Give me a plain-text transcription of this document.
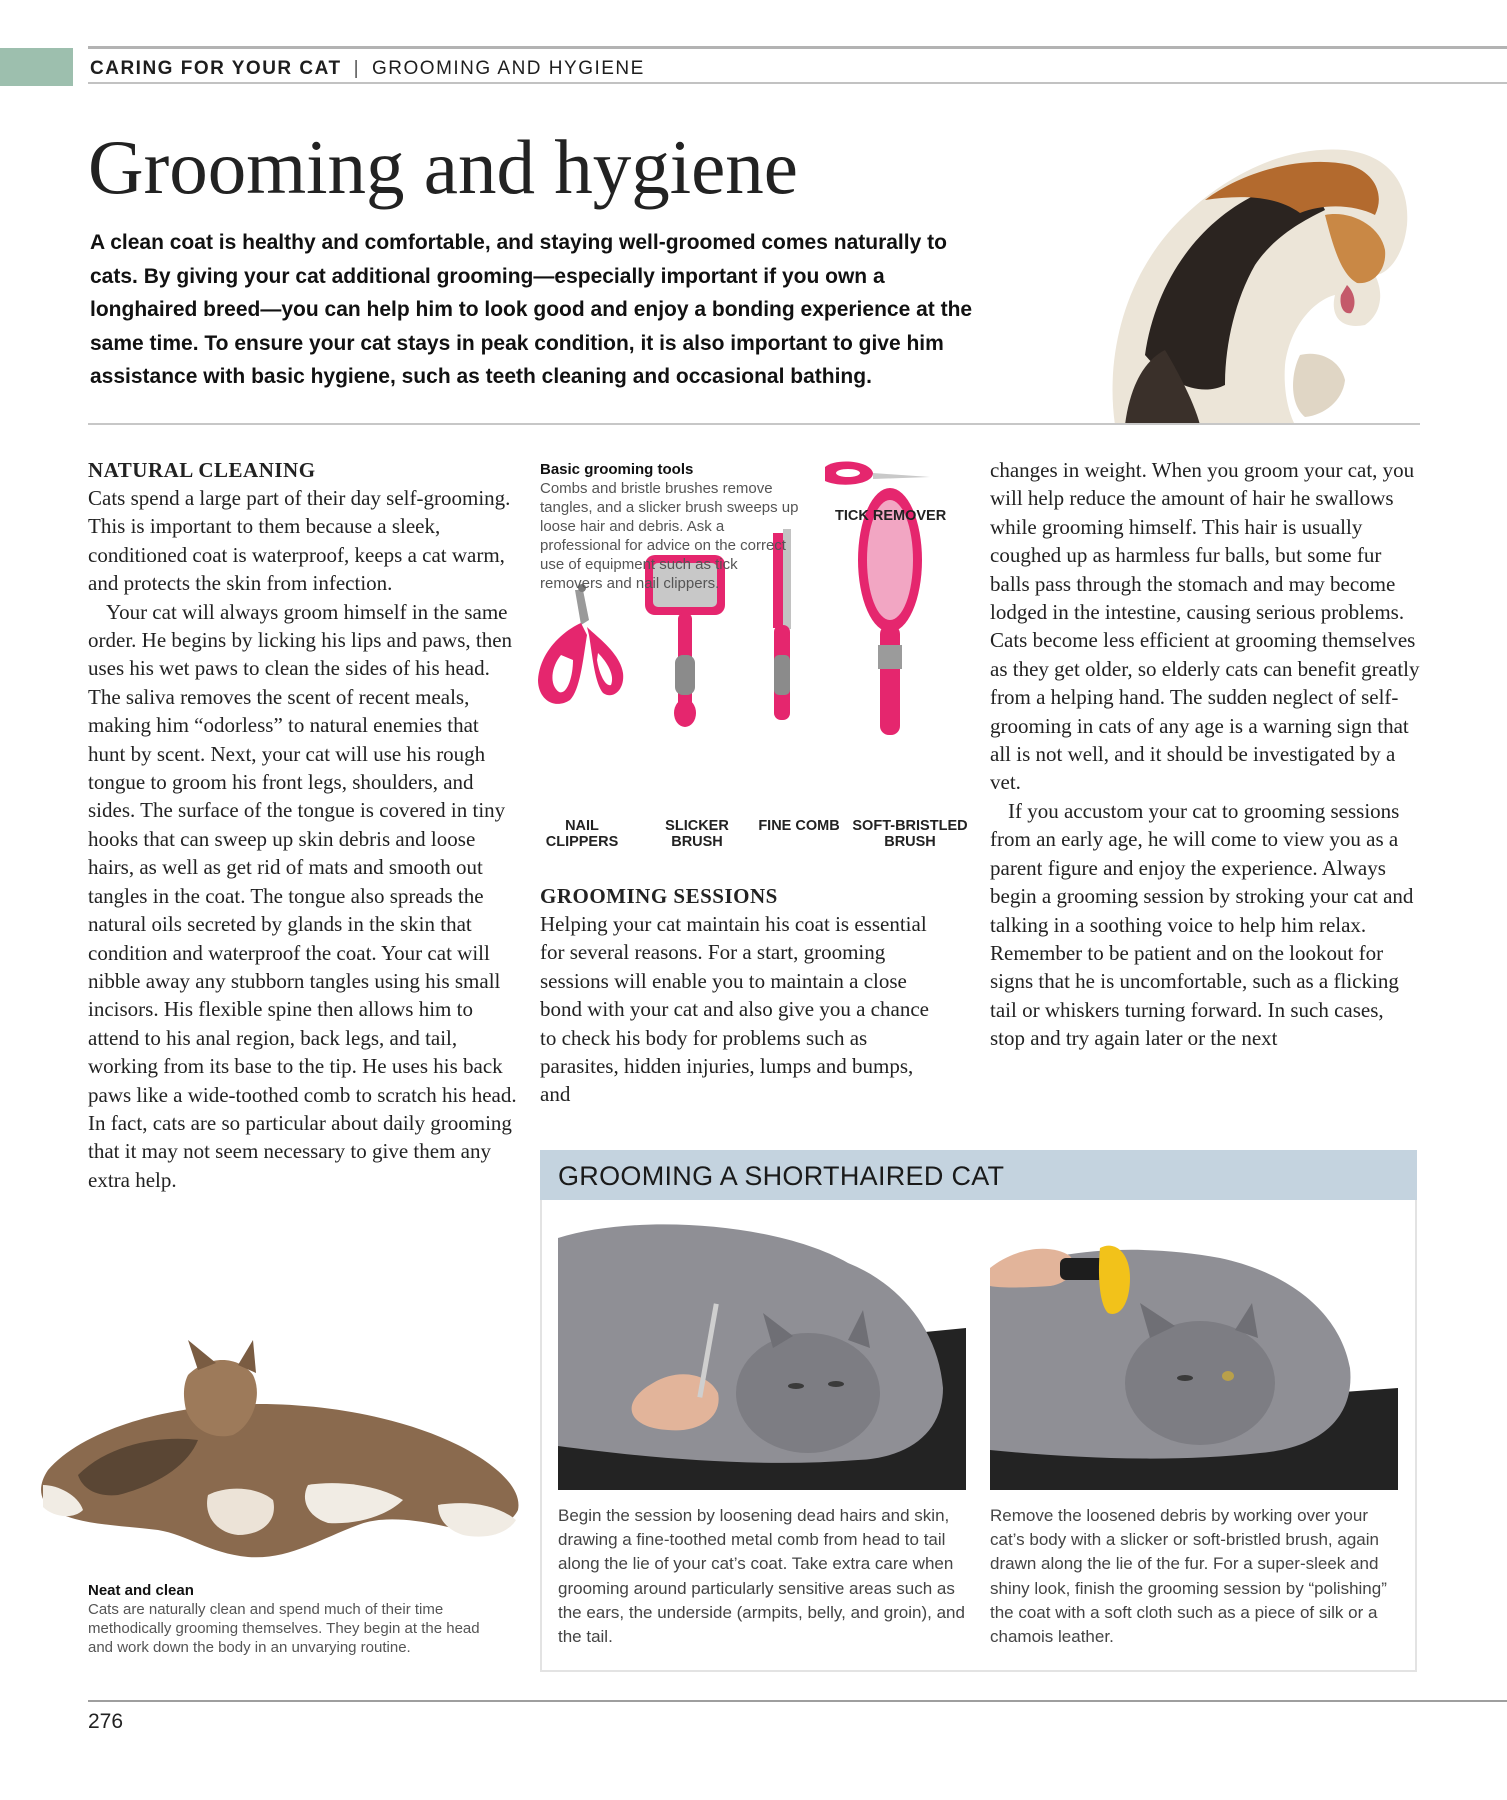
CARING FOR YOUR CAT | GROOMING AND HYGIENE
Grooming and hygiene
A clean coat is healthy and comfortable, and staying well-groomed comes naturally to cats. By giving your cat additional grooming—especially important if you own a longhaired breed—you can help him to look good and enjoy a bonding experience at the same time. To ensure your cat stays in peak condition, it is also important to give him assistance with basic hygiene, such as teeth cleaning and occasional bathing.

NATURAL CLEANING

Cats spend a large part of their day self-grooming. This is important to them because a sleek, conditioned coat is waterproof, keeps a cat warm, and protects the skin from infection.

Your cat will always groom himself in the same order. He begins by licking his lips and paws, then uses his wet paws to clean the sides of his head. The saliva removes the scent of recent meals, making him “odorless” to natural enemies that hunt by scent. Next, your cat will use his rough tongue to groom his front legs, shoulders, and sides. The surface of the tongue is covered in tiny hooks that can sweep up skin debris and loose hairs, as well as get rid of mats and smooth out tangles in the coat. The tongue also spreads the natural oils secreted by glands in the skin that condition and waterproof the coat. Your cat will nibble away any stubborn tangles using his small incisors. His flexible spine then allows him to attend to his anal region, back legs, and tail, working from its base to the tip. He uses his back paws like a wide-toothed comb to scratch his head. In fact, cats are so particular about daily grooming that it may not seem necessary to give them any extra help.

Basic grooming tools
Combs and bristle brushes remove tangles, and a slicker brush sweeps up loose hair and debris. Ask a professional for advice on the correct use of equipment such as tick removers and nail clippers.
TICK REMOVER
NAIL CLIPPERS
SLICKER BRUSH
FINE COMB SOFT-BRISTLED BRUSH

GROOMING SESSIONS

Helping your cat maintain his coat is essential for several reasons. For a start, grooming sessions will enable you to maintain a close bond with your cat and also give you a chance to check his body for problems such as parasites, hidden injuries, lumps and bumps, and

changes in weight. When you groom your cat, you will help reduce the amount of hair he swallows while grooming himself. This hair is usually coughed up as harmless fur balls, but some fur balls pass through the stomach and may become lodged in the intestine, causing serious problems. Cats become less efficient at grooming themselves as they get older, so elderly cats can benefit greatly from a helping hand. The sudden neglect of self-grooming in cats of any age is a warning sign that all is not well, and it should be investigated by a vet.

If you accustom your cat to grooming sessions from an early age, he will come to view you as a parent figure and enjoy the experience. Always begin a grooming session by stroking your cat and talking in a soothing voice to help him relax. Remember to be patient and on the lookout for signs that he is uncomfortable, such as a flicking tail or whiskers turning forward. In such cases, stop and try again later or the next

GROOMING A SHORTHAIRED CAT
Begin the session by loosening dead hairs and skin, drawing a fine-toothed metal comb from head to tail along the lie of your cat’s coat. Take extra care when grooming around particularly sensitive areas such as the ears, the underside (armpits, belly, and groin), and the tail.
Remove the loosened debris by working over your cat’s body with a slicker or soft-bristled brush, again drawn along the lie of the fur. For a super-sleek and shiny look, finish the grooming session by “polishing” the coat with a soft cloth such as a piece of silk or a chamois leather.
Neat and clean
Cats are naturally clean and spend much of their time methodically grooming themselves. They begin at the head and work down the body in an unvarying routine.
276
